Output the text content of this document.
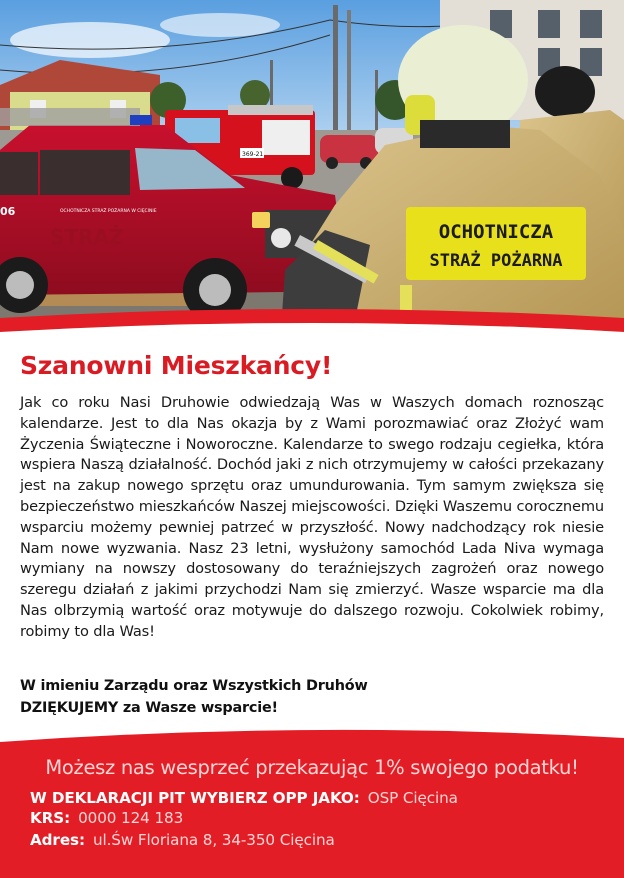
369-21
OCHOTNICZA STRAŻ POŻARNA W CIĘCINIE
STRAŻ
06
OCHOTNICZA
STRAŻ POŻARNA
Szanowni Mieszkańcy!

Jak co roku Nasi Druhowie odwiedzają Was w Waszych domach roznosząc kalendarze. Jest to dla Nas okazja by z Wami porozmawiać oraz Złożyć wam Życzenia Świąteczne i Noworoczne. Kalendarze to swego rodzaju cegiełka, która wspiera Naszą działalność. Dochód jaki z nich otrzymujemy w całości przekazany jest na zakup nowego sprzętu oraz umundurowania. Tym samym zwiększa się bezpieczeństwo mieszkańców Naszej miejscowości. Dzięki Waszemu corocznemu wsparciu możemy pewniej patrzeć w przyszłość. Nowy nadchodzący rok niesie Nam nowe wyzwania. Nasz 23 letni, wysłużony samochód Lada Niva wymaga wymiany na nowszy dostosowany do teraźniejszych zagrożeń oraz nowego szeregu działań z jakimi przychodzi Nam się zmierzyć. Wasze wsparcie ma dla Nas olbrzymią wartość oraz motywuje do dalszego rozwoju. Cokolwiek robimy, robimy to dla Was!

W imieniu Zarządu oraz Wszystkich Druhów
DZIĘKUJEMY za Wasze wsparcie!
Możesz nas wesprzeć przekazując 1% swojego podatku!
W DEKLARACJI PIT WYBIERZ OPP JAKO: OSP Cięcina
KRS: 0000 124 183
Adres: ul.Św Floriana 8, 34-350 Cięcina
